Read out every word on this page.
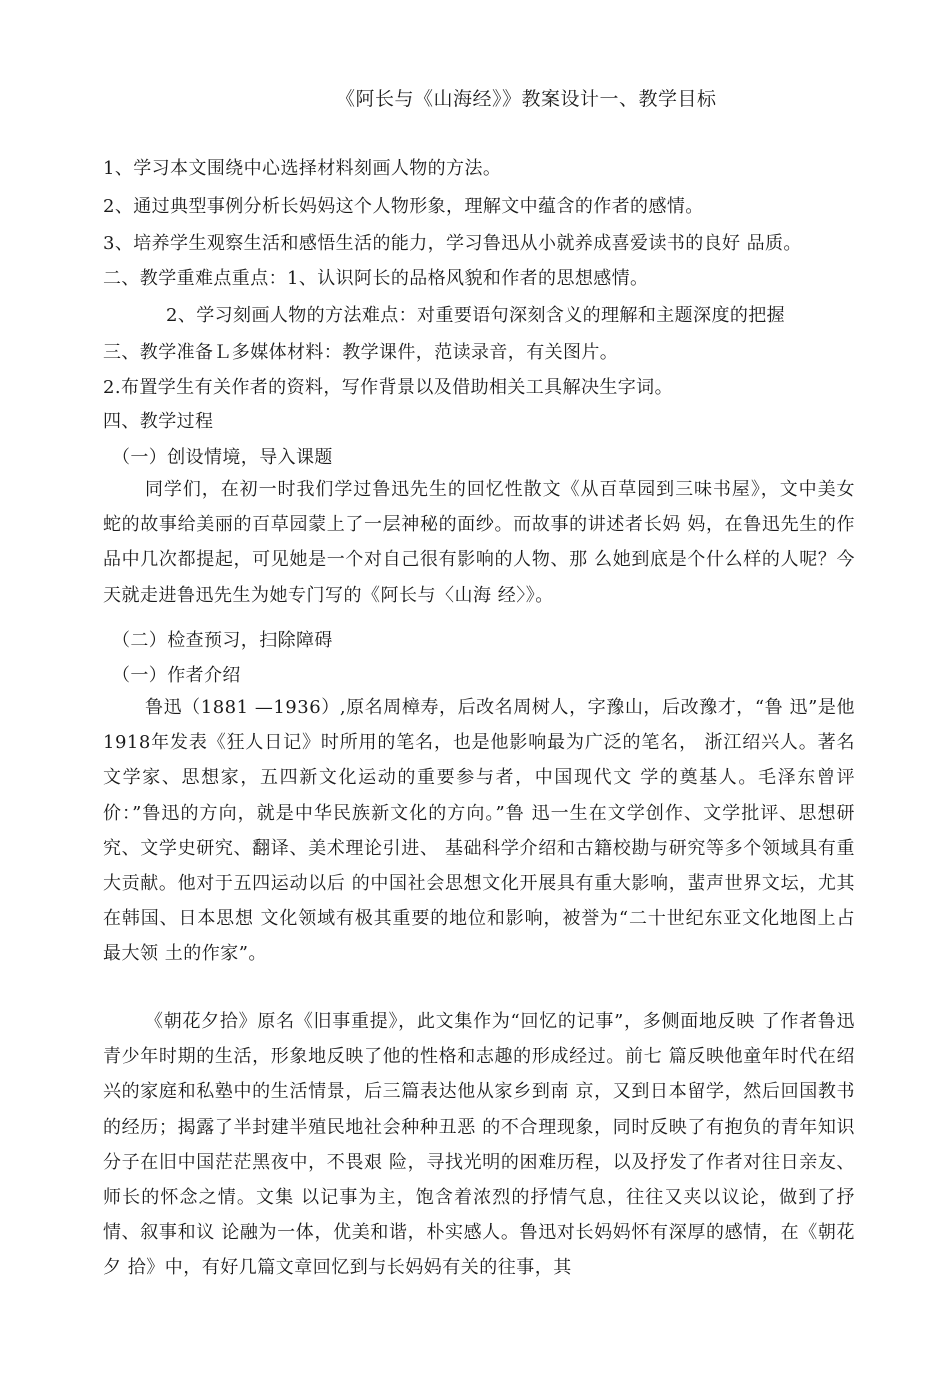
《阿长与《山海经》》教案设计一、教学目标
1、学习本文围绕中心选择材料刻画人物的方法。
2、通过典型事例分析长妈妈这个人物形象，理解文中蕴含的作者的感情。
3、培养学生观察生活和感悟生活的能力，学习鲁迅从小就养成喜爱读书的良好 品质。
二、教学重难点重点：1、认识阿长的品格风貌和作者的思想感情。
2、学习刻画人物的方法难点：对重要语句深刻含义的理解和主题深度的把握
三、教学准备Ｌ多媒体材料：教学课件，范读录音，有关图片。
2.布置学生有关作者的资料，写作背景以及借助相关工具解决生字词。
四、教学过程
（一）创设情境，导入课题
同学们，在初一时我们学过鲁迅先生的回忆性散文《从百草园到三味书屋》，文中美女蛇的故事给美丽的百草园蒙上了一层神秘的面纱。而故事的讲述者长妈 妈，在鲁迅先生的作品中几次都提起，可见她是一个对自己很有影响的人物、那 么她到底是个什么样的人呢？今天就走进鲁迅先生为她专门写的《阿长与〈山海 经〉》。
（二）检查预习，扫除障碍
（一）作者介绍
鲁迅（1881 —1936）,原名周樟寿，后改名周树人，字豫山，后改豫才，“鲁 迅”是他1918年发表《狂人日记》时所用的笔名，也是他影响最为广泛的笔名， 浙江绍兴人。著名文学家、思想家，五四新文化运动的重要参与者，中国现代文 学的奠基人。毛泽东曾评价：”鲁迅的方向，就是中华民族新文化的方向。”鲁 迅一生在文学创作、文学批评、思想研究、文学史研究、翻译、美术理论引进、 基础科学介绍和古籍校勘与研究等多个领域具有重大贡献。他对于五四运动以后 的中国社会思想文化开展具有重大影响，蜚声世界文坛，尤其在韩国、日本思想 文化领域有极其重要的地位和影响，被誉为“二十世纪东亚文化地图上占最大领 土的作家”。
《朝花夕拾》原名《旧事重提》，此文集作为“回忆的记事”，多侧面地反映 了作者鲁迅青少年时期的生活，形象地反映了他的性格和志趣的形成经过。前七 篇反映他童年时代在绍兴的家庭和私塾中的生活情景，后三篇表达他从家乡到南 京，又到日本留学，然后回国教书的经历；揭露了半封建半殖民地社会种种丑恶 的不合理现象，同时反映了有抱负的青年知识分子在旧中国茫茫黑夜中，不畏艰 险，寻找光明的困难历程，以及抒发了作者对往日亲友、师长的怀念之情。文集 以记事为主，饱含着浓烈的抒情气息，往往又夹以议论，做到了抒情、叙事和议 论融为一体，优美和谐，朴实感人。鲁迅对长妈妈怀有深厚的感情，在《朝花夕 拾》中，有好几篇文章回忆到与长妈妈有关的往事，其
